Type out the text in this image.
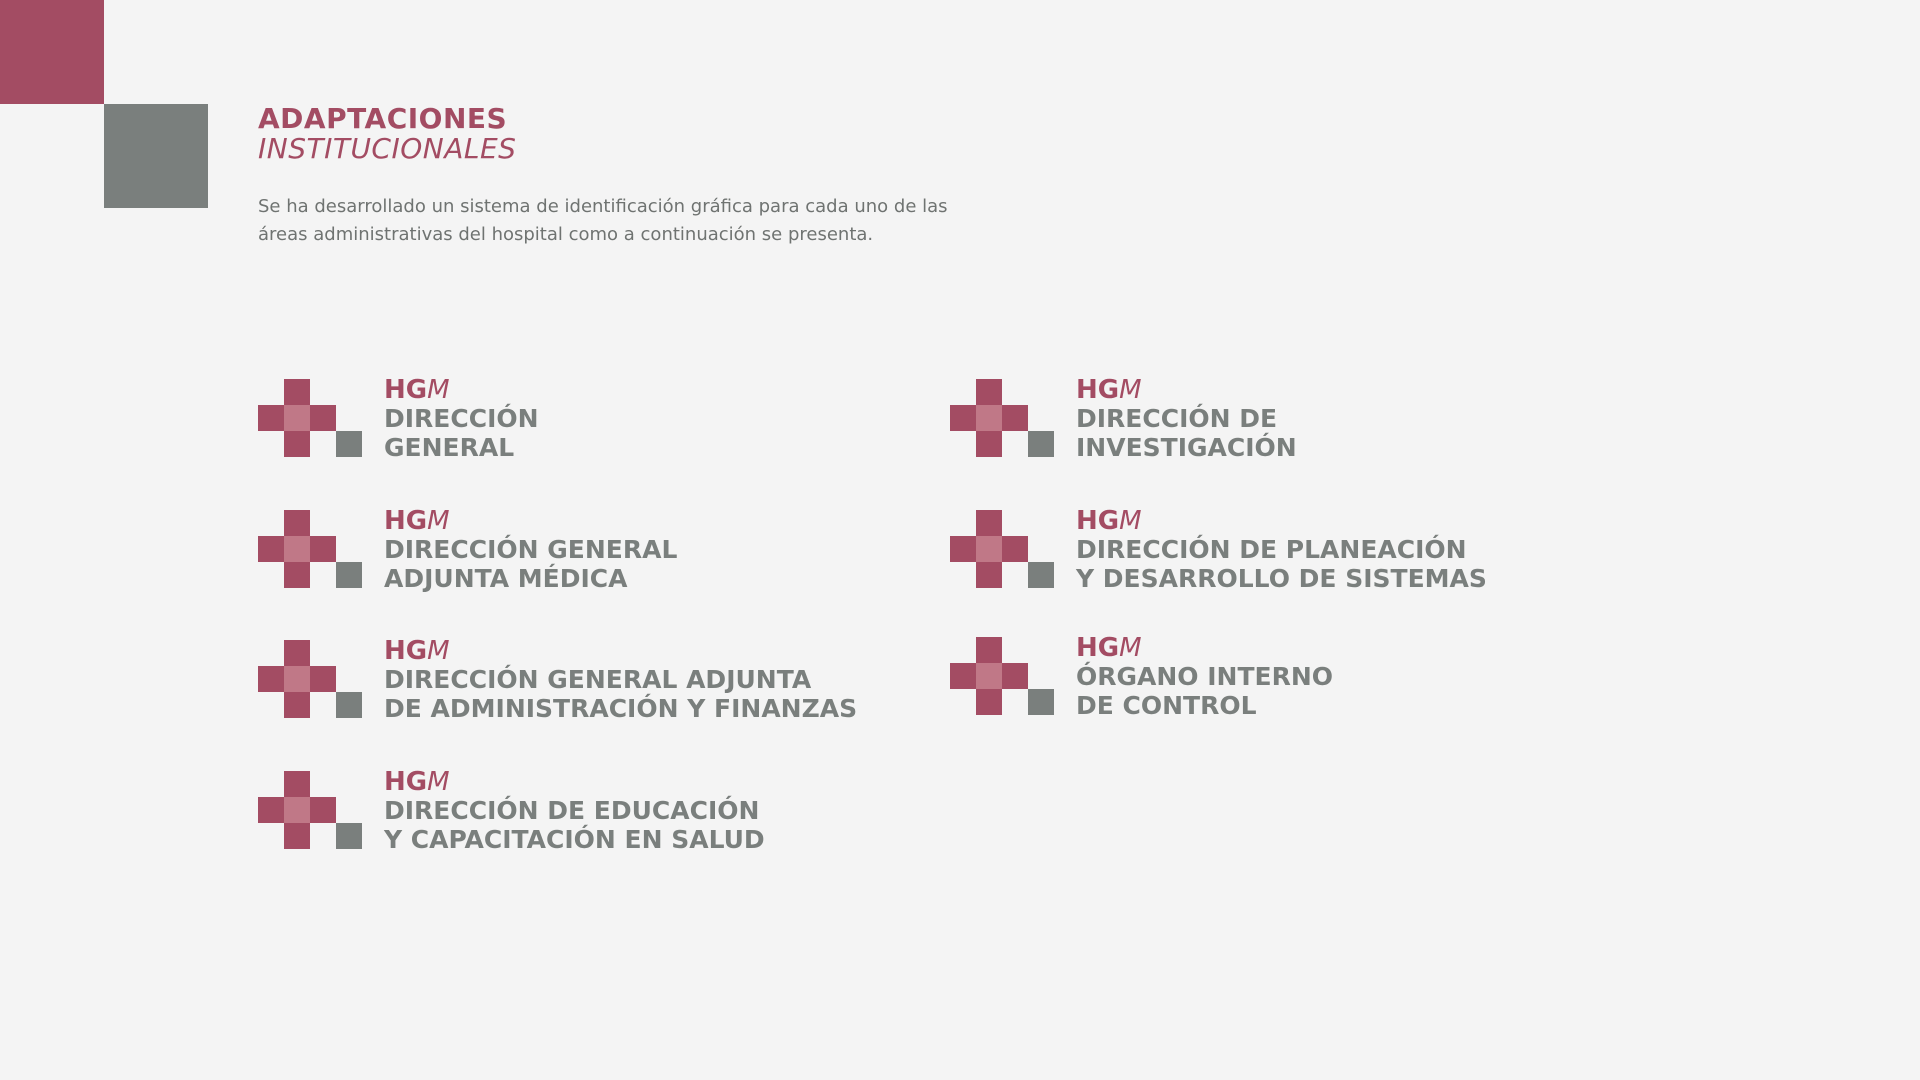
ADAPTACIONES
INSTITUCIONALES
Se ha desarrollado un sistema de identificación gráfica para cada uno de las
áreas administrativas del hospital como a continuación se presenta.
HGM
DIRECCIÓN
GENERAL
HGM
DIRECCIÓN GENERAL
ADJUNTA MÉDICA
HGM
DIRECCIÓN GENERAL ADJUNTA
DE ADMINISTRACIÓN Y FINANZAS
HGM
DIRECCIÓN DE EDUCACIÓN
Y CAPACITACIÓN EN SALUD
HGM
DIRECCIÓN DE
INVESTIGACIÓN
HGM
DIRECCIÓN DE PLANEACIÓN
Y DESARROLLO DE SISTEMAS
HGM
ÓRGANO INTERNO
DE CONTROL
